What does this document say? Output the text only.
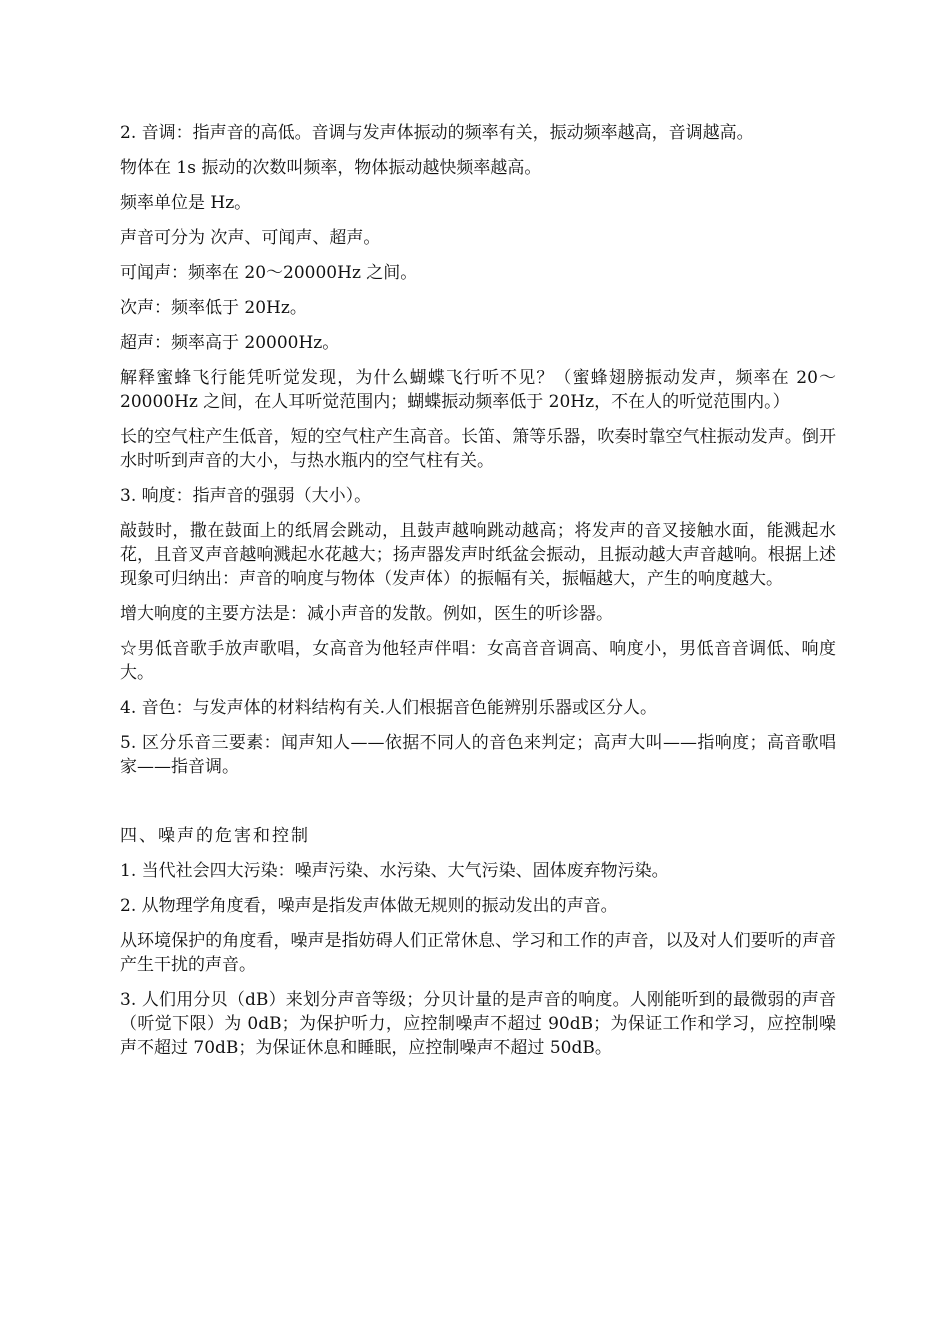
2. 音调：指声音的高低。音调与发声体振动的频率有关，振动频率越高，音调越高。

物体在 1s 振动的次数叫频率，物体振动越快频率越高。

频率单位是 Hz。

声音可分为 次声、可闻声、超声。

可闻声：频率在 20～20000Hz 之间。

次声：频率低于 20Hz。

超声：频率高于 20000Hz。

解释蜜蜂飞行能凭听觉发现，为什么蝴蝶飞行听不见？（蜜蜂翅膀振动发声，频率在 20～20000Hz 之间，在人耳听觉范围内；蝴蝶振动频率低于 20Hz，不在人的听觉范围内。）

长的空气柱产生低音，短的空气柱产生高音。长笛、箫等乐器，吹奏时靠空气柱振动发声。倒开水时听到声音的大小，与热水瓶内的空气柱有关。

3. 响度：指声音的强弱（大小）。

敲鼓时，撒在鼓面上的纸屑会跳动，且鼓声越响跳动越高；将发声的音叉接触水面，能溅起水花，且音叉声音越响溅起水花越大；扬声器发声时纸盆会振动，且振动越大声音越响。根据上述现象可归纳出：声音的响度与物体（发声体）的振幅有关，振幅越大，产生的响度越大。

增大响度的主要方法是：减小声音的发散。例如，医生的听诊器。

☆男低音歌手放声歌唱，女高音为他轻声伴唱：女高音音调高、响度小，男低音音调低、响度大。

4. 音色：与发声体的材料结构有关.人们根据音色能辨别乐器或区分人。

5. 区分乐音三要素：闻声知人——依据不同人的音色来判定；高声大叫——指响度；高音歌唱家——指音调。

四、噪声的危害和控制

1. 当代社会四大污染：噪声污染、水污染、大气污染、固体废弃物污染。

2. 从物理学角度看，噪声是指发声体做无规则的振动发出的声音。

从环境保护的角度看，噪声是指妨碍人们正常休息、学习和工作的声音，以及对人们要听的声音产生干扰的声音。

3. 人们用分贝（dB）来划分声音等级；分贝计量的是声音的响度。人刚能听到的最微弱的声音（听觉下限）为 0dB；为保护听力，应控制噪声不超过 90dB；为保证工作和学习，应控制噪声不超过 70dB；为保证休息和睡眠，应控制噪声不超过 50dB。
